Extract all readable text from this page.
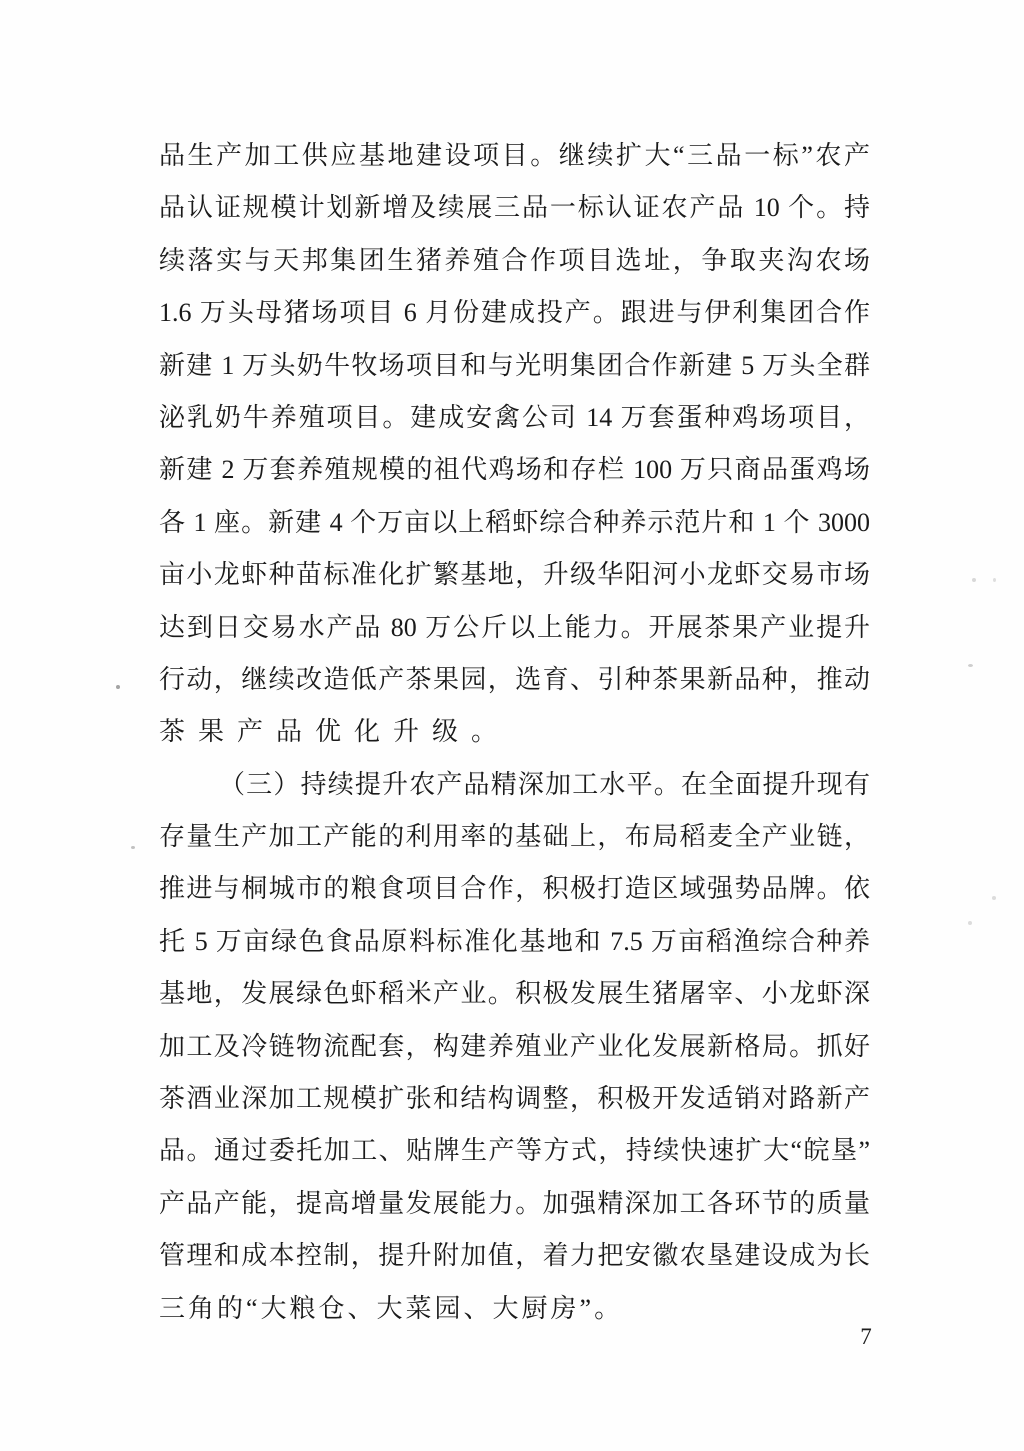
品生产加工供应基地建设项目。继续扩大“三品一标”农产
品认证规模计划新增及续展三品一标认证农产品 10 个。持
续落实与天邦集团生猪养殖合作项目选址，争取夹沟农场
1.6 万头母猪场项目 6 月份建成投产。跟进与伊利集团合作
新建 1 万头奶牛牧场项目和与光明集团合作新建 5 万头全群
泌乳奶牛养殖项目。建成安禽公司 14 万套蛋种鸡场项目，
新建 2 万套养殖规模的祖代鸡场和存栏 100 万只商品蛋鸡场
各 1 座。新建 4 个万亩以上稻虾综合种养示范片和 1 个 3000
亩小龙虾种苗标准化扩繁基地，升级华阳河小龙虾交易市场
达到日交易水产品 80 万公斤以上能力。开展茶果产业提升
行动，继续改造低产茶果园，选育、引种茶果新品种，推动
茶果产品优化升级。
（三）持续提升农产品精深加工水平。在全面提升现有
存量生产加工产能的利用率的基础上，布局稻麦全产业链，
推进与桐城市的粮食项目合作，积极打造区域强势品牌。依
托 5 万亩绿色食品原料标准化基地和 7.5 万亩稻渔综合种养
基地，发展绿色虾稻米产业。积极发展生猪屠宰、小龙虾深
加工及冷链物流配套，构建养殖业产业化发展新格局。抓好
茶酒业深加工规模扩张和结构调整，积极开发适销对路新产
品。通过委托加工、贴牌生产等方式，持续快速扩大“皖垦”
产品产能，提高增量发展能力。加强精深加工各环节的质量
管理和成本控制，提升附加值，着力把安徽农垦建设成为长
三角的“大粮仓、大菜园、大厨房”。
7
